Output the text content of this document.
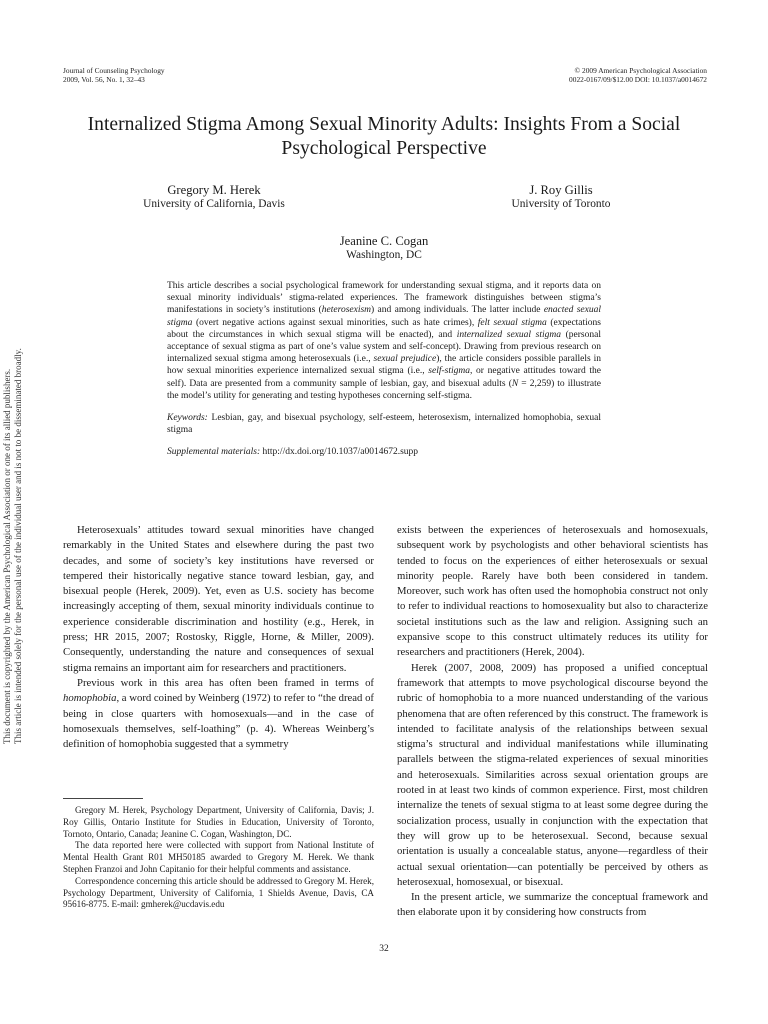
Journal of Counseling Psychology
2009, Vol. 56, No. 1, 32–43
© 2009 American Psychological Association
0022-0167/09/$12.00 DOI: 10.1037/a0014672
Internalized Stigma Among Sexual Minority Adults: Insights From a Social
Psychological Perspective
Gregory M. Herek
University of California, Davis
J. Roy Gillis
University of Toronto
Jeanine C. Cogan
Washington, DC

This article describes a social psychological framework for understanding sexual stigma, and it reports data on sexual minority individuals’ stigma-related experiences. The framework distinguishes between stigma’s manifestations in society’s institutions (heterosexism) and among individuals. The latter include enacted sexual stigma (overt negative actions against sexual minorities, such as hate crimes), felt sexual stigma (expectations about the circumstances in which sexual stigma will be enacted), and internalized sexual stigma (personal acceptance of sexual stigma as part of one’s value system and self-concept). Drawing from previous research on internalized sexual stigma among heterosexuals (i.e., sexual prejudice), the article considers possible parallels in how sexual minorities experience internalized sexual stigma (i.e., self-stigma, or negative attitudes toward the self). Data are presented from a community sample of lesbian, gay, and bisexual adults (N = 2,259) to illustrate the model’s utility for generating and testing hypotheses concerning self-stigma.

Keywords: Lesbian, gay, and bisexual psychology, self-esteem, heterosexism, internalized homophobia, sexual stigma

Supplemental materials: http://dx.doi.org/10.1037/a0014672.supp

Heterosexuals’ attitudes toward sexual minorities have changed remarkably in the United States and elsewhere during the past two decades, and some of society’s key institutions have reversed or tempered their historically negative stance toward lesbian, gay, and bisexual people (Herek, 2009). Yet, even as U.S. society has become increasingly accepting of them, sexual minority individuals continue to experience considerable discrimination and hostility (e.g., Herek, in press; HR 2015, 2007; Rostosky, Riggle, Horne, & Miller, 2009). Consequently, understanding the nature and consequences of sexual stigma remains an important aim for researchers and practitioners.

Previous work in this area has often been framed in terms of homophobia, a word coined by Weinberg (1972) to refer to “the dread of being in close quarters with homosexuals—and in the case of homosexuals themselves, self-loathing” (p. 4). Whereas Weinberg’s definition of homophobia suggested that a symmetry

Gregory M. Herek, Psychology Department, University of California, Davis; J. Roy Gillis, Ontario Institute for Studies in Education, University of Toronto, Tornoto, Ontario, Canada; Jeanine C. Cogan, Washington, DC.

The data reported here were collected with support from National Institute of Mental Health Grant R01 MH50185 awarded to Gregory M. Herek. We thank Stephen Franzoi and John Capitanio for their helpful comments and assistance.

Correspondence concerning this article should be addressed to Gregory M. Herek, Psychology Department, University of California, 1 Shields Avenue, Davis, CA 95616-8775. E-mail: gmherek@ucdavis.edu

exists between the experiences of heterosexuals and homosexuals, subsequent work by psychologists and other behavioral scientists has tended to focus on the experiences of either heterosexuals or sexual minority people. Rarely have both been considered in tandem. Moreover, such work has often used the homophobia construct not only to refer to individual reactions to homosexuality but also to characterize societal institutions such as the law and religion. Assigning such an expansive scope to this construct ultimately reduces its utility for researchers and practitioners (Herek, 2004).

Herek (2007, 2008, 2009) has proposed a unified conceptual framework that attempts to move psychological discourse beyond the rubric of homophobia to a more nuanced understanding of the various phenomena that are often referenced by this construct. The framework is intended to facilitate analysis of the relationships between sexual stigma’s structural and individual manifestations while illuminating parallels between the stigma-related experiences of sexual minorities and heterosexuals. Similarities across sexual orientation groups are rooted in at least two kinds of common experience. First, most children internalize the tenets of sexual stigma to at least some degree during the socialization process, usually in conjunction with the expectation that they will grow up to be heterosexual. Second, because sexual orientation is usually a concealable status, anyone—regardless of their actual sexual orientation—can potentially be perceived by others as heterosexual, homosexual, or bisexual.

In the present article, we summarize the conceptual framework and then elaborate upon it by considering how constructs from

32
This document is copyrighted by the American Psychological Association or one of its allied publishers. This article is intended solely for the personal use of the individual user and is not to be disseminated broadly.
